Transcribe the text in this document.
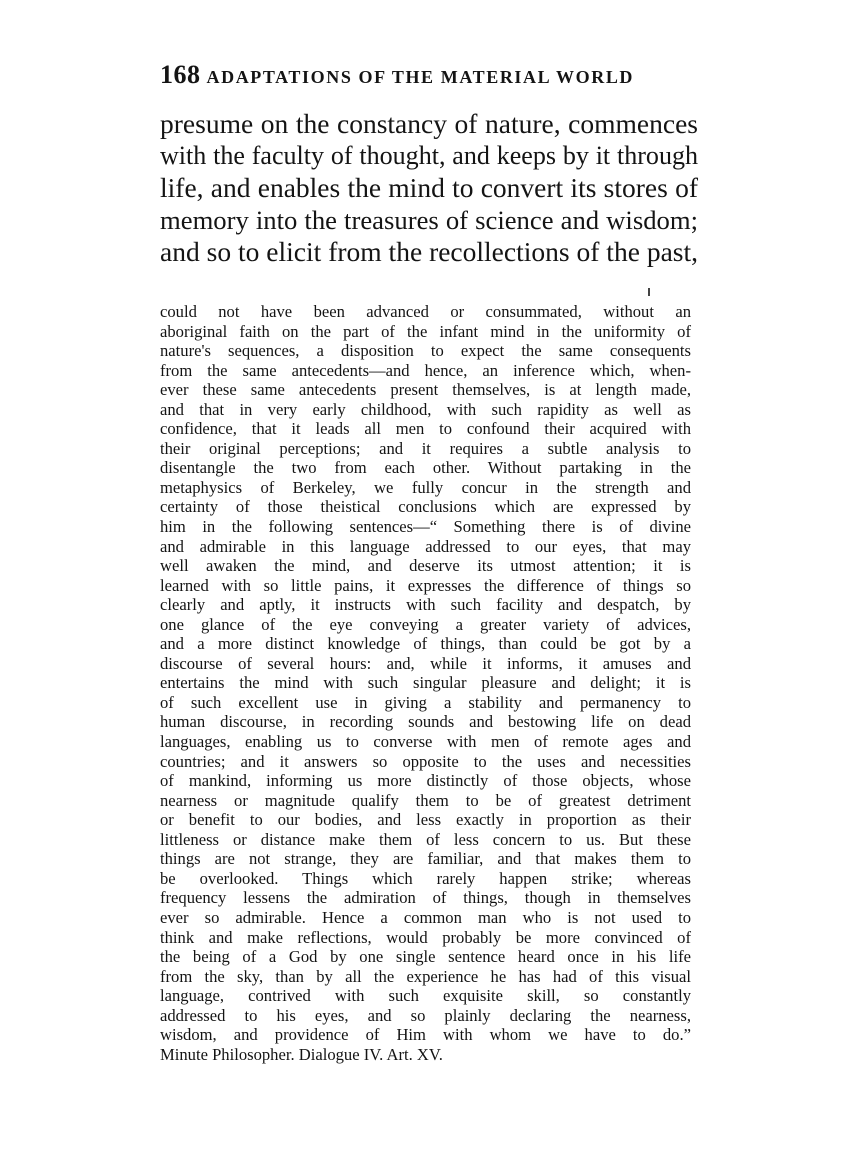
168 ADAPTATIONS OF THE MATERIAL WORLD
presume on the constancy of nature, commences
with the faculty of thought, and keeps by it through
life, and enables the mind to convert its stores of
memory into the treasures of science and wisdom;
and so to elicit from the recollections of the past,
could not have been advanced or consummated, without an
aboriginal faith on the part of the infant mind in the uniformity of
nature's sequences, a disposition to expect the same consequents
from the same antecedents—and hence, an inference which, when-
ever these same antecedents present themselves, is at length made,
and that in very early childhood, with such rapidity as well as
confidence, that it leads all men to confound their acquired with
their original perceptions; and it requires a subtle analysis to
disentangle the two from each other. Without partaking in the
metaphysics of Berkeley, we fully concur in the strength and
certainty of those theistical conclusions which are expressed by
him in the following sentences—“ Something there is of divine
and admirable in this language addressed to our eyes, that may
well awaken the mind, and deserve its utmost attention; it is
learned with so little pains, it expresses the difference of things so
clearly and aptly, it instructs with such facility and despatch, by
one glance of the eye conveying a greater variety of advices,
and a more distinct knowledge of things, than could be got by a
discourse of several hours: and, while it informs, it amuses and
entertains the mind with such singular pleasure and delight; it is
of such excellent use in giving a stability and permanency to
human discourse, in recording sounds and bestowing life on dead
languages, enabling us to converse with men of remote ages and
countries; and it answers so opposite to the uses and necessities
of mankind, informing us more distinctly of those objects, whose
nearness or magnitude qualify them to be of greatest detriment
or benefit to our bodies, and less exactly in proportion as their
littleness or distance make them of less concern to us. But these
things are not strange, they are familiar, and that makes them to
be overlooked. Things which rarely happen strike; whereas
frequency lessens the admiration of things, though in themselves
ever so admirable. Hence a common man who is not used to
think and make reflections, would probably be more convinced of
the being of a God by one single sentence heard once in his life
from the sky, than by all the experience he has had of this visual
language, contrived with such exquisite skill, so constantly
addressed to his eyes, and so plainly declaring the nearness,
wisdom, and providence of Him with whom we have to do.”
Minute Philosopher. Dialogue IV. Art. XV.
